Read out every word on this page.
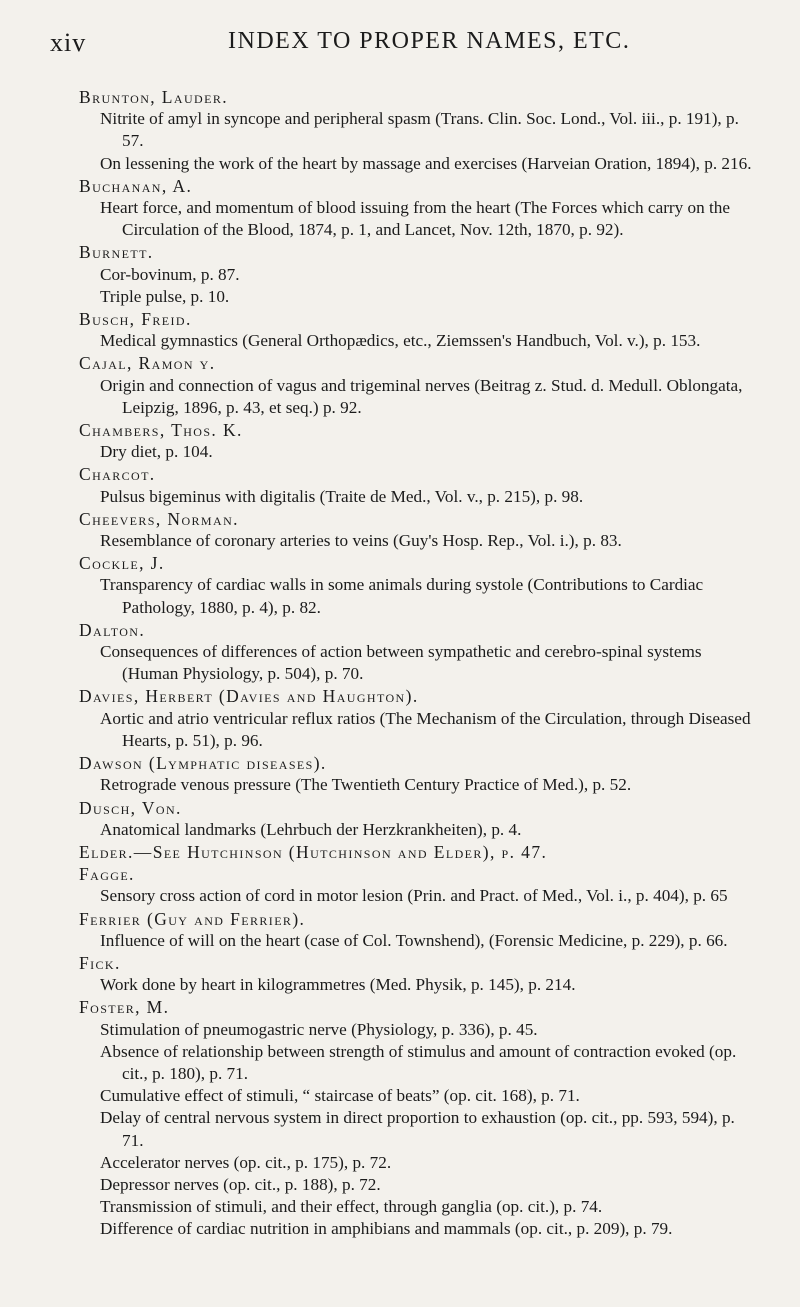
xiv	INDEX TO PROPER NAMES, ETC.
Brunton, Lauder.
Nitrite of amyl in syncope and peripheral spasm (Trans. Clin. Soc. Lond., Vol. iii., p. 191), p. 57.
On lessening the work of the heart by massage and exercises (Harveian Oration, 1894), p. 216.
Buchanan, A.
Heart force, and momentum of blood issuing from the heart (The Forces which carry on the Circulation of the Blood, 1874, p. 1, and Lancet, Nov. 12th, 1870, p. 92).
Burnett.
Cor-bovinum, p. 87.
Triple pulse, p. 10.
Busch, Freid.
Medical gymnastics (General Orthopædics, etc., Ziemssen's Handbuch, Vol. v.), p. 153.
Cajal, Ramon y.
Origin and connection of vagus and trigeminal nerves (Beitrag z. Stud. d. Medull. Oblongata, Leipzig, 1896, p. 43, et seq.) p. 92.
Chambers, Thos. K.
Dry diet, p. 104.
Charcot.
Pulsus bigeminus with digitalis (Traite de Med., Vol. v., p. 215), p. 98.
Cheevers, Norman.
Resemblance of coronary arteries to veins (Guy's Hosp. Rep., Vol. i.), p. 83.
Cockle, J.
Transparency of cardiac walls in some animals during systole (Contributions to Cardiac Pathology, 1880, p. 4), p. 82.
Dalton.
Consequences of differences of action between sympathetic and cerebro-spinal systems (Human Physiology, p. 504), p. 70.
Davies, Herbert (Davies and Haughton).
Aortic and atrio ventricular reflux ratios (The Mechanism of the Circulation, through Diseased Hearts, p. 51), p. 96.
Dawson (Lymphatic diseases).
Retrograde venous pressure (The Twentieth Century Practice of Med.), p. 52.
Dusch, Von.
Anatomical landmarks (Lehrbuch der Herzkrankheiten), p. 4.
Elder.—See Hutchinson (Hutchinson and Elder), p. 47.
Fagge.
Sensory cross action of cord in motor lesion (Prin. and Pract. of Med., Vol. i., p. 404), p. 65
Ferrier (Guy and Ferrier).
Influence of will on the heart (case of Col. Townshend), (Forensic Medicine, p. 229), p. 66.
Fick.
Work done by heart in kilogrammetres (Med. Physik, p. 145), p. 214.
Foster, M.
Stimulation of pneumogastric nerve (Physiology, p. 336), p. 45.
Absence of relationship between strength of stimulus and amount of contraction evoked (op. cit., p. 180), p. 71.
Cumulative effect of stimuli, “ staircase of beats” (op. cit. 168), p. 71.
Delay of central nervous system in direct proportion to exhaustion (op. cit., pp. 593, 594), p. 71.
Accelerator nerves (op. cit., p. 175), p. 72.
Depressor nerves (op. cit., p. 188), p. 72.
Transmission of stimuli, and their effect, through ganglia (op. cit.), p. 74.
Difference of cardiac nutrition in amphibians and mammals (op. cit., p. 209), p. 79.
